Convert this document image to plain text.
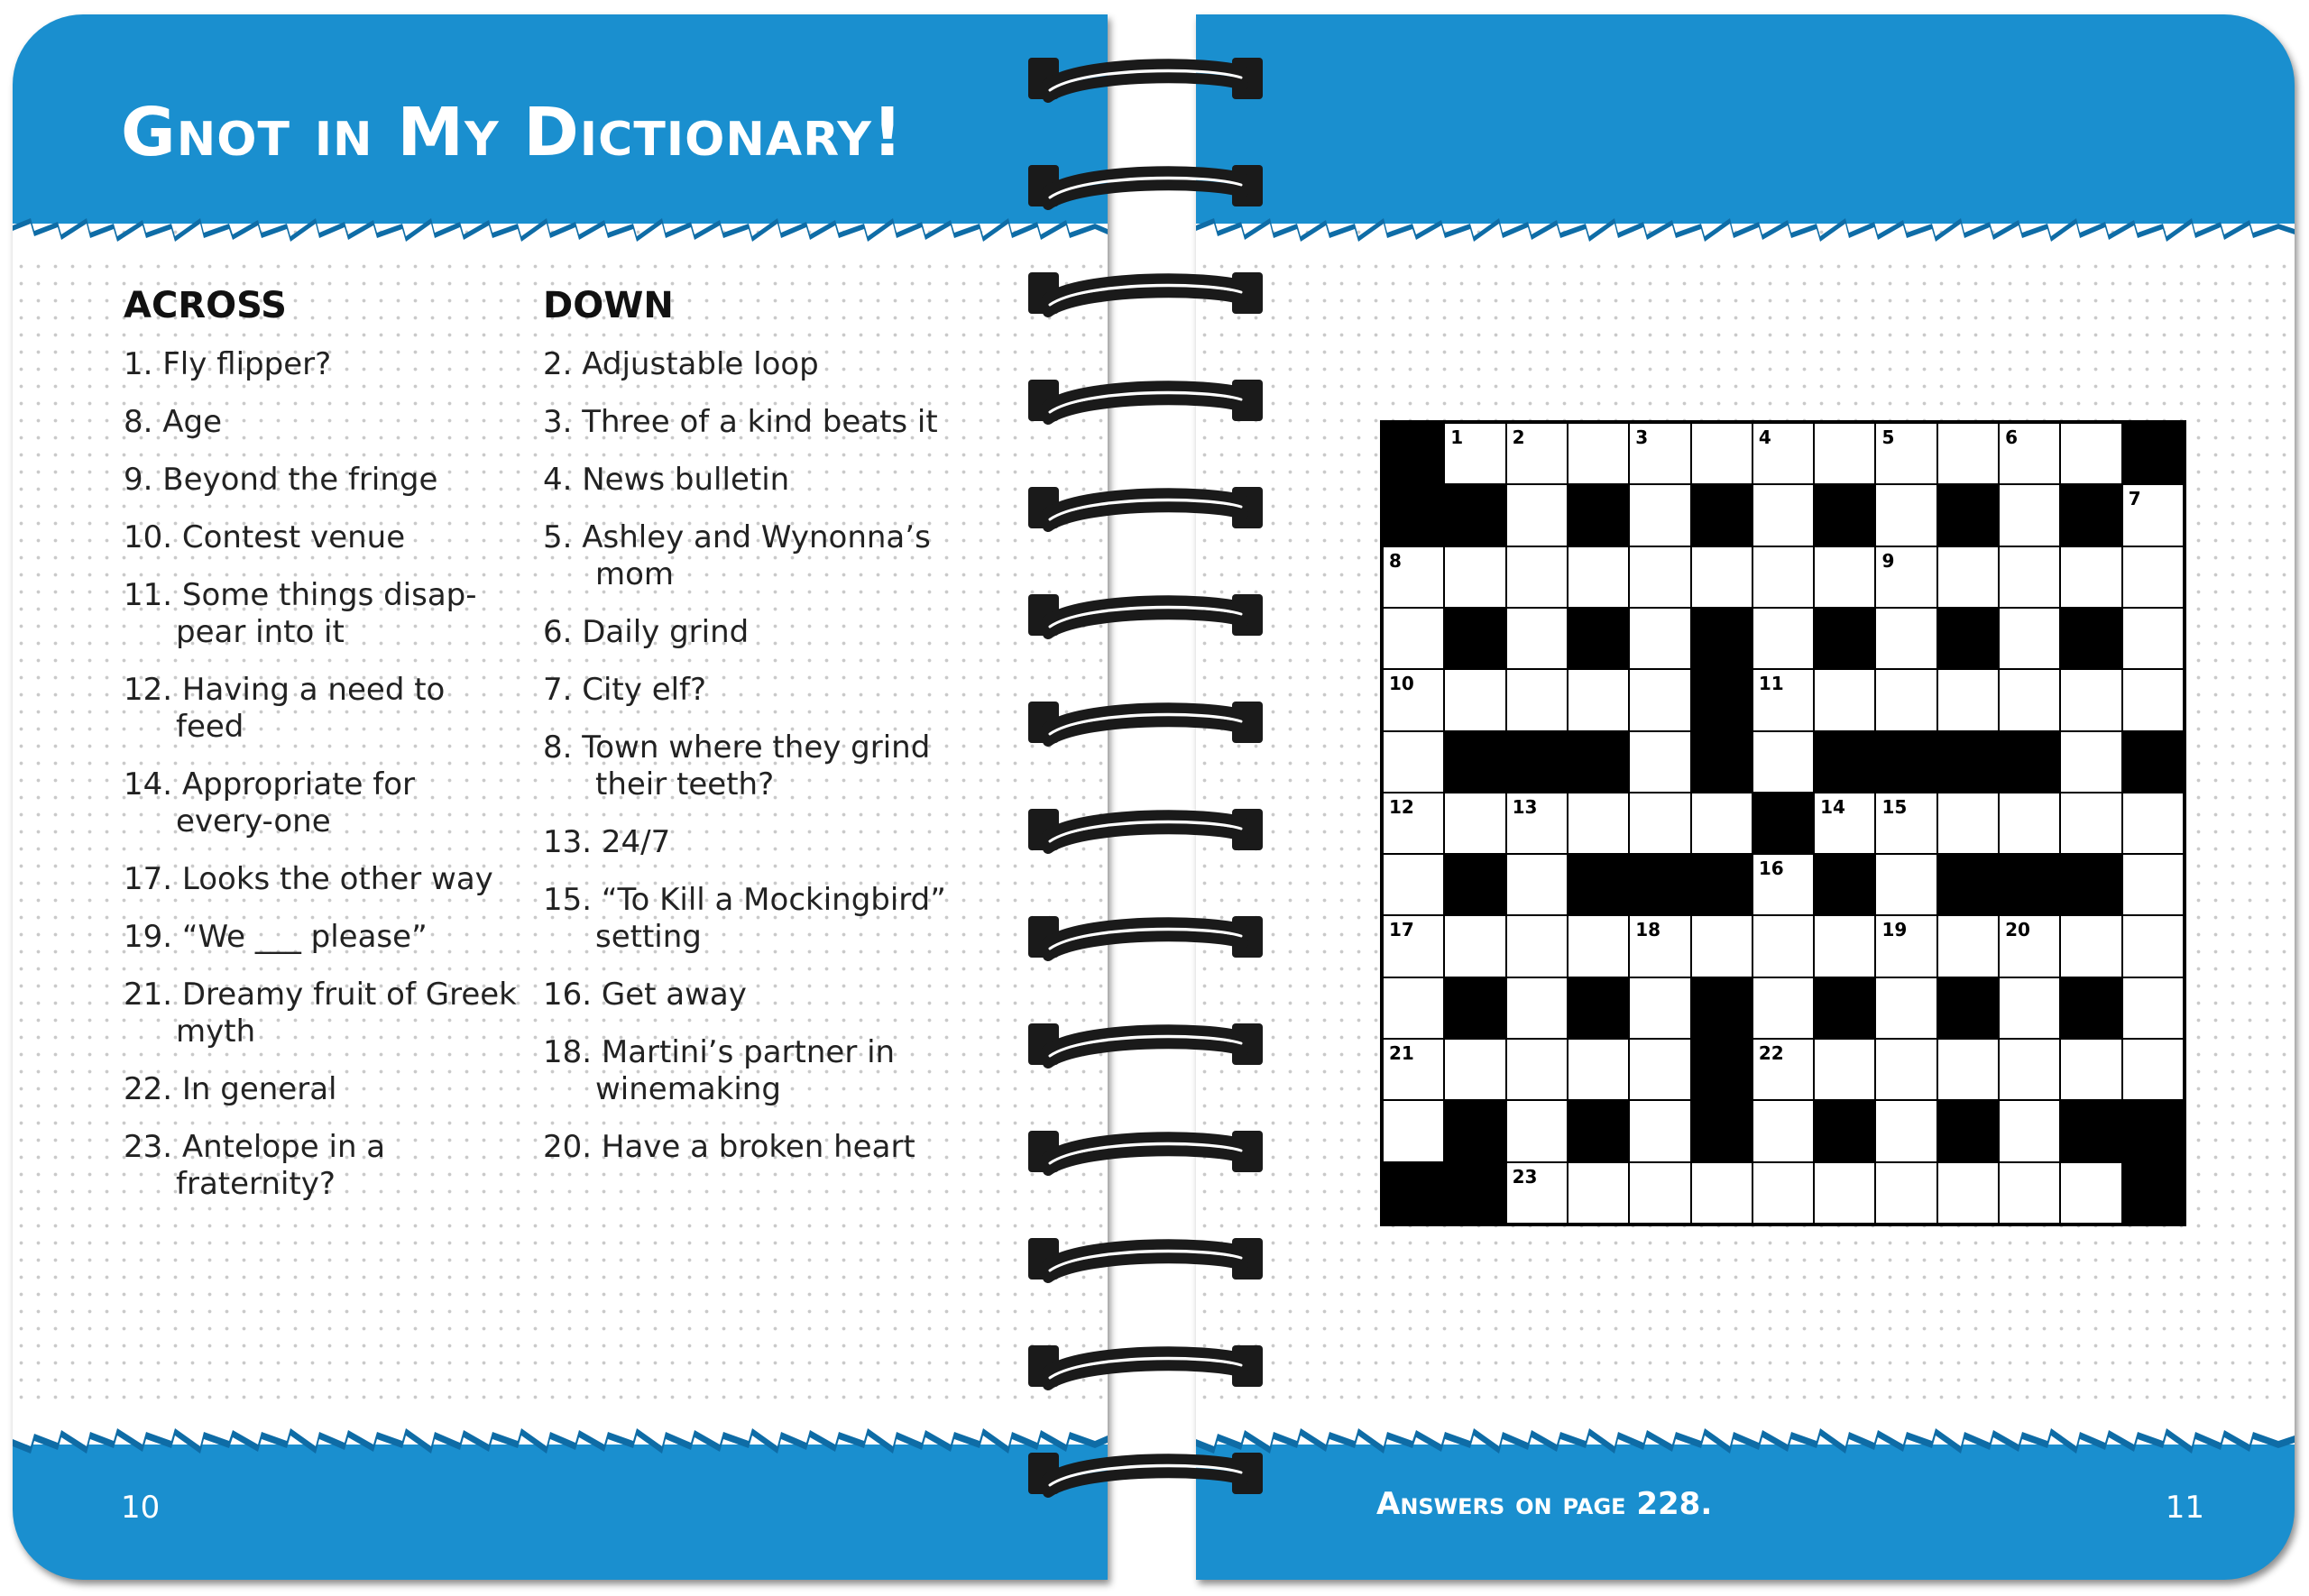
Gnot in My Dictionary!
ACROSS
1. Fly flipper?
8. Age
9. Beyond the fringe
10. Contest venue
11. Some things disap-pear into it
12. Having a need to feed
14. Appropriate for every-one
17. Looks the other way
19. “We ___ please”
21. Dreamy fruit of Greek myth
22. In general
23. Antelope in a fraternity?
DOWN
2. Adjustable loop
3. Three of a kind beats it
4. News bulletin
5. Ashley and Wynonna’s mom
6. Daily grind
7. City elf?
8. Town where they grind their teeth?
13. 24/7
15. “To Kill a Mockingbird” setting
16. Get away
18. Martini’s partner in winemaking
20. Have a broken heart
10
1	2	3	4	5	6
7
8	9
10	11
12	13	14 15
16
17	18	19	20
21	22
23
Answers on page 228.	11
